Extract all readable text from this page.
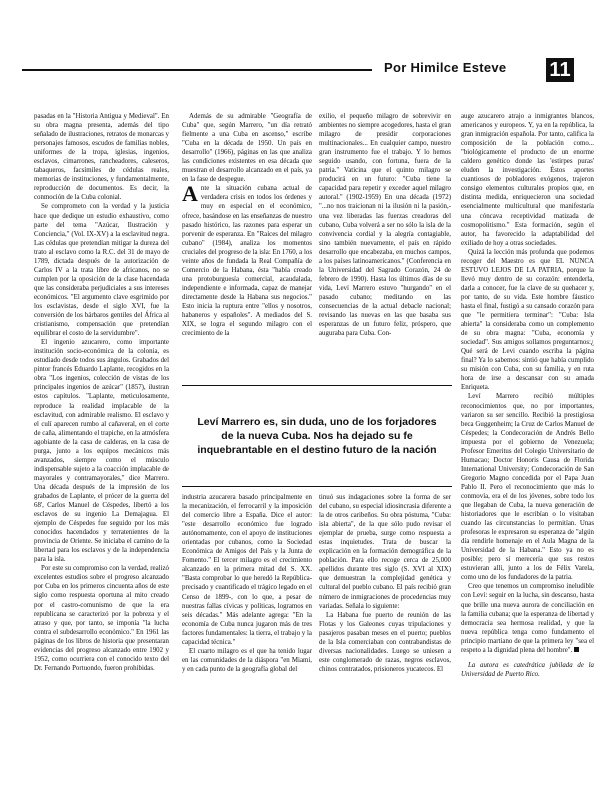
Por Himilce Esteve 11

pasadas en la "Historia Antigua y Medieval". En su obra magna presenta, además del tipo señalado de ilustraciones, retratos de monarcas y personajes famosos, escudos de familias nobles, uniformes de la tropa, iglesias, ingenios, esclavos, cimarrones, rancheadores, caleseros, tabaqueros, facsímiles de cédulas reales, memorias de instituciones, y fundamentalmente, reproducción de documentos. Es decir, la conmoción de la Cuba colonial.

Se comprometo con la verdad y la justicia hace que dedique un estudio exhaustivo, como parte del tema "Azúcar, Ilustración y Conciencia," (Vol. IX-XV) a la esclavitud negra. Las cédulas que pretendían mitigar la dureza del trato al esclavo como la R.C. del 31 de mayo de 1789, dictada después de la autorización de Carlos IV a la trata libre de africanos, no se cumplen por la oposición de la clase hacendada que las consideraba perjudiciales a sus intereses económicos. "El argumento clave esgrimido por los esclavistas, desde el siglo XVI, fue la conversión de los bárbaros gentiles del África al cristianismo, compensación que pretendían equilibrar el costo de la servidumbre".

El ingenio azucarero, como importante institución socio-económica de la colonia, es estudiado desde todos sus ángulos. Grabados del pintor francés Eduardo Laplante, recogidos en la obra "Los ingenios, colección de vistas de los principales ingenios de azúcar" (1857), ilustran estos capítulos. "Laplante, meticulosamente, reproduce la realidad implacable de la esclavitud, con admirable realismo. El esclavo y el culí aparecen rumbo al cañaveral, en el corte de caña, alimentando el trapiche, en la atmósfera agobiante de la casa de calderas, en la casa de purga, junto a los equipos mecánicos más avanzados, siempre como el músculo indispensable sujeto a la coacción implacable de mayorales y contramayorales," dice Marrero. Una década después de la impresión de los grabados de Laplante, el prócer de la guerra del 68', Carlos Manuel de Céspedes, libertó a los esclavos de su ingenio La Demajagua. El ejemplo de Céspedes fue seguido por los más conocidos hacendados y terratenientes de la provincia de Oriente. Se iniciaba el camino de la libertad para los esclavos y de la independencia para la isla.

Por este su compromiso con la verdad, realizó excelentes estudios sobre el progreso alcanzado por Cuba en los primeros cincuenta años de este siglo como respuesta oportuna al mito creado por el castro-comunismo de que la era republicana se caracterizó por la pobreza y el atraso y que, por tanto, se imponía "la lucha contra el subdesarrollo económico." En 1961 las páginas de los libros de historia que presentaran evidencias del progreso alcanzado entre 1902 y 1952, como ocurriera con el conocido texto del Dr. Fernando Portuondo, fueron prohibidas.

Además de su admirable "Geografía de Cuba" que, según Marrero, "un día retrató fielmente a una Cuba en ascenso," escribe "Cuba en la década de 1950. Un país en desarrollo" (1966), páginas en las que analiza las condiciones existentes en esa década que muestran el desarrollo alcanzado en el país, ya en la fase de despegue.

Ante la situación cubana actual de verdadera crisis en todos los órdenes y muy en especial en el económico, ofrece, basándose en las enseñanzas de nuestro pasado histórico, las razones para esperar un porvenir de esperanza. En "Raíces del milagro cubano" (1984), analiza los momentos cruciales del progreso de la isla: En 1760, a los veinte años de fundada la Real Compañía de Comercio de la Habana, ésta "había creado una protoburguesía comercial, acaudalada, independiente e informada, capaz de manejar directamente desde la Habana sus negocios." Esto inicia la ruptura entre "ellos y nosotros, habaneros y españoles". A mediados del S. XIX, se logra el segundo milagro con el crecimiento de la

exilio, el pequeño milagro de sobrevivir en ambientes no siempre acogedores, hasta el gran milagro de presidir corporaciones multinacionales... En cualquier campo, nuestro gran instrumento fue el trabajo. Y lo hemos seguido usando, con fortuna, fuera de la patria." Vaticina que el quinto milagro se producirá en un futuro: "Cuba tiene la capacidad para repetir y exceder aquel milagro autoral." (1902-1959) En una década (1972) "...no nos traicionan ni la ilusión ni la pasión,- una vez liberadas las fuerzas creadoras del cubano, Cuba volverá a ser no sólo la isla de la convivencia cordial y la alegría contagiable, sino también nuevamente, el país en rápido desarrollo que encabezaba, en muchos campos, a los países latinoamericanos." (Conferencia en la Universidad del Sagrado Corazón, 24 de febrero de 1990). Hasta los últimos días de su vida, Leví Marrero estuvo "hurgando" en el pasado cubano; meditando en las consecuencias de la actual debacle nacional; revisando las nuevas en las que basaba sus esperanzas de un futuro feliz, próspero, que auguraba para Cuba. Con-

Leví Marrero es, sin duda, uno de los forjadores de la nueva Cuba. Nos ha dejado su fe inquebrantable en el destino futuro de la nación

industria azucarera basado principalmente en la mecanización, el ferrocarril y la imposición del comercio libre a España. Dice el autor: "este desarrollo económico fue logrado autónomamente, con el apoyo de instituciones orientadas por cubanos, como la Sociedad Económica de Amigos del País y la Junta de Fomento." El tercer milagro es el crecimiento alcanzado en la primera mitad del S. XX. "Basta comprobar lo que heredó la República-precisado y cuantificado el trágico legado en el Censo de 1899-, con lo que, a pesar de nuestras fallas cívicas y políticas, logramos en seis décadas." Más adelante agrega: "En la economía de Cuba nunca jugaron más de tres factores fundamentales: la tierra, el trabajo y la capacidad técnica."

El cuarto milagro es el que ha tenido lugar en las comunidades de la diáspora "en Miami, y en cada punto de la geografía global del

tinuó sus indagaciones sobre la forma de ser del cubano, su especial idiosincrasia diferente a la de otros caribeños. Su obra póstuma, "Cuba: isla abierta", de la que sólo pudo revisar el ejemplar de prueba, surge como respuesta a estas inquietudes. Trata de buscar la explicación en la formación demográfica de la población. Para ello recoge cerca de 25,000 apellidos durante tres siglo (S. XVI al XIX) que demuestran la complejidad genética y cultural del pueblo cubano. El país recibió gran número de inmigraciones de procedencias muy variadas. Señala lo siguiente:

La Habana fue puerto de reunión de las Flotas y los Galeones cuyas tripulaciones y pasajeros pasaban meses en el puerto; pueblos de la Isla comerciaban con contrabandistas de diversas nacionalidades. Luego se uniesen a este conglomerado de razas, negros esclavos, chinos contratados, prisioneros yucatecos. El

auge azucarero atrajo a inmigrantes blancos, americanos y europeos. Y, ya en la república, la gran inmigración española. Por tanto, califica la composición de la población como... "biológicamente el producto de un enorme caldero genético donde las 'estirpes puras' eluden la investigación. Éstos aportes cuantiosos de pobladores exógenos, trajeron consigo elementos culturales propios que, en distinta medida, enriquecieron una sociedad esencialmente multicultural que manifestaría una cóncava receptividad matizada de cosmopolitismo." Esta formación, según el autor, ha favorecido la adaptabilidad del exiliado de hoy a otras sociedades.

Quizá la lección más profunda que podemos recoger del Maestro es que EL NUNCA ESTUVO LEJOS DE LA PATRIA, porque la llevó muy dentro de su corazón: entenderla, darla a conocer, fue la clave de su quehacer y, por tanto, de su vida. Este hombre fáustico hasta el final, fustigó a su cansado corazón para que "le permitiera terminar": "Cuba: Isla abierta" la consideraba como un complemento de su obra magna: "Cuba, economía y sociedad". Sus amigos sollamos preguntarnos:¿ Qué será de Levi cuando escriba la página final? Ya lo sabemos: sintió que había cumplido su misión con Cuba, con su familia, y en ruta hora de irse a descansar con su amada Enriqueta.

Leví Marrero recibió múltiples reconocimientos que, no por importantes, variaron su ser sencillo. Recibió la prestigiosa beca Guggenheim; la Cruz de Carlos Manuel de Céspedes; la Condecoración de Andrés Bello impuesta por el gobierno de Venezuela; Profesor Emeritus del Colegio Universitario de Humacao; Doctor Honoris Causa de Florida International University; Condecoración de San Gregorio Magno concedida por el Papa Juan Pablo II. Pero el reconocimiento que más lo conmovía, era el de los jóvenes, sobre todo los que llegaban de Cuba, la nueva generación de historiadores que le escribían o lo visitaban cuando las circunstancias lo permitían. Unas profesoras le expresaron su esperanza de "algún día rendirle homenaje en el Aula Magna de la Universidad de la Habana." Esto ya no es posible; pero sí merecería que sus restos estuvieran allí, junto a los de Félix Varela, como uno de los fundadores de la patria.

Creo que tenemos un compromiso ineludible con Leví: seguir en la lucha, sin descanso, hasta que brille una nueva aurora de conciliación en la familia cubana; que la esperanza de libertad y democracia sea hermosa realidad, y que la nueva república tenga como fundamento el principio martiano de que la primera ley "sea el respeto a la dignidad plena del hombre".

La autora es catedrática jubilada de la Universidad de Puerto Rico.
